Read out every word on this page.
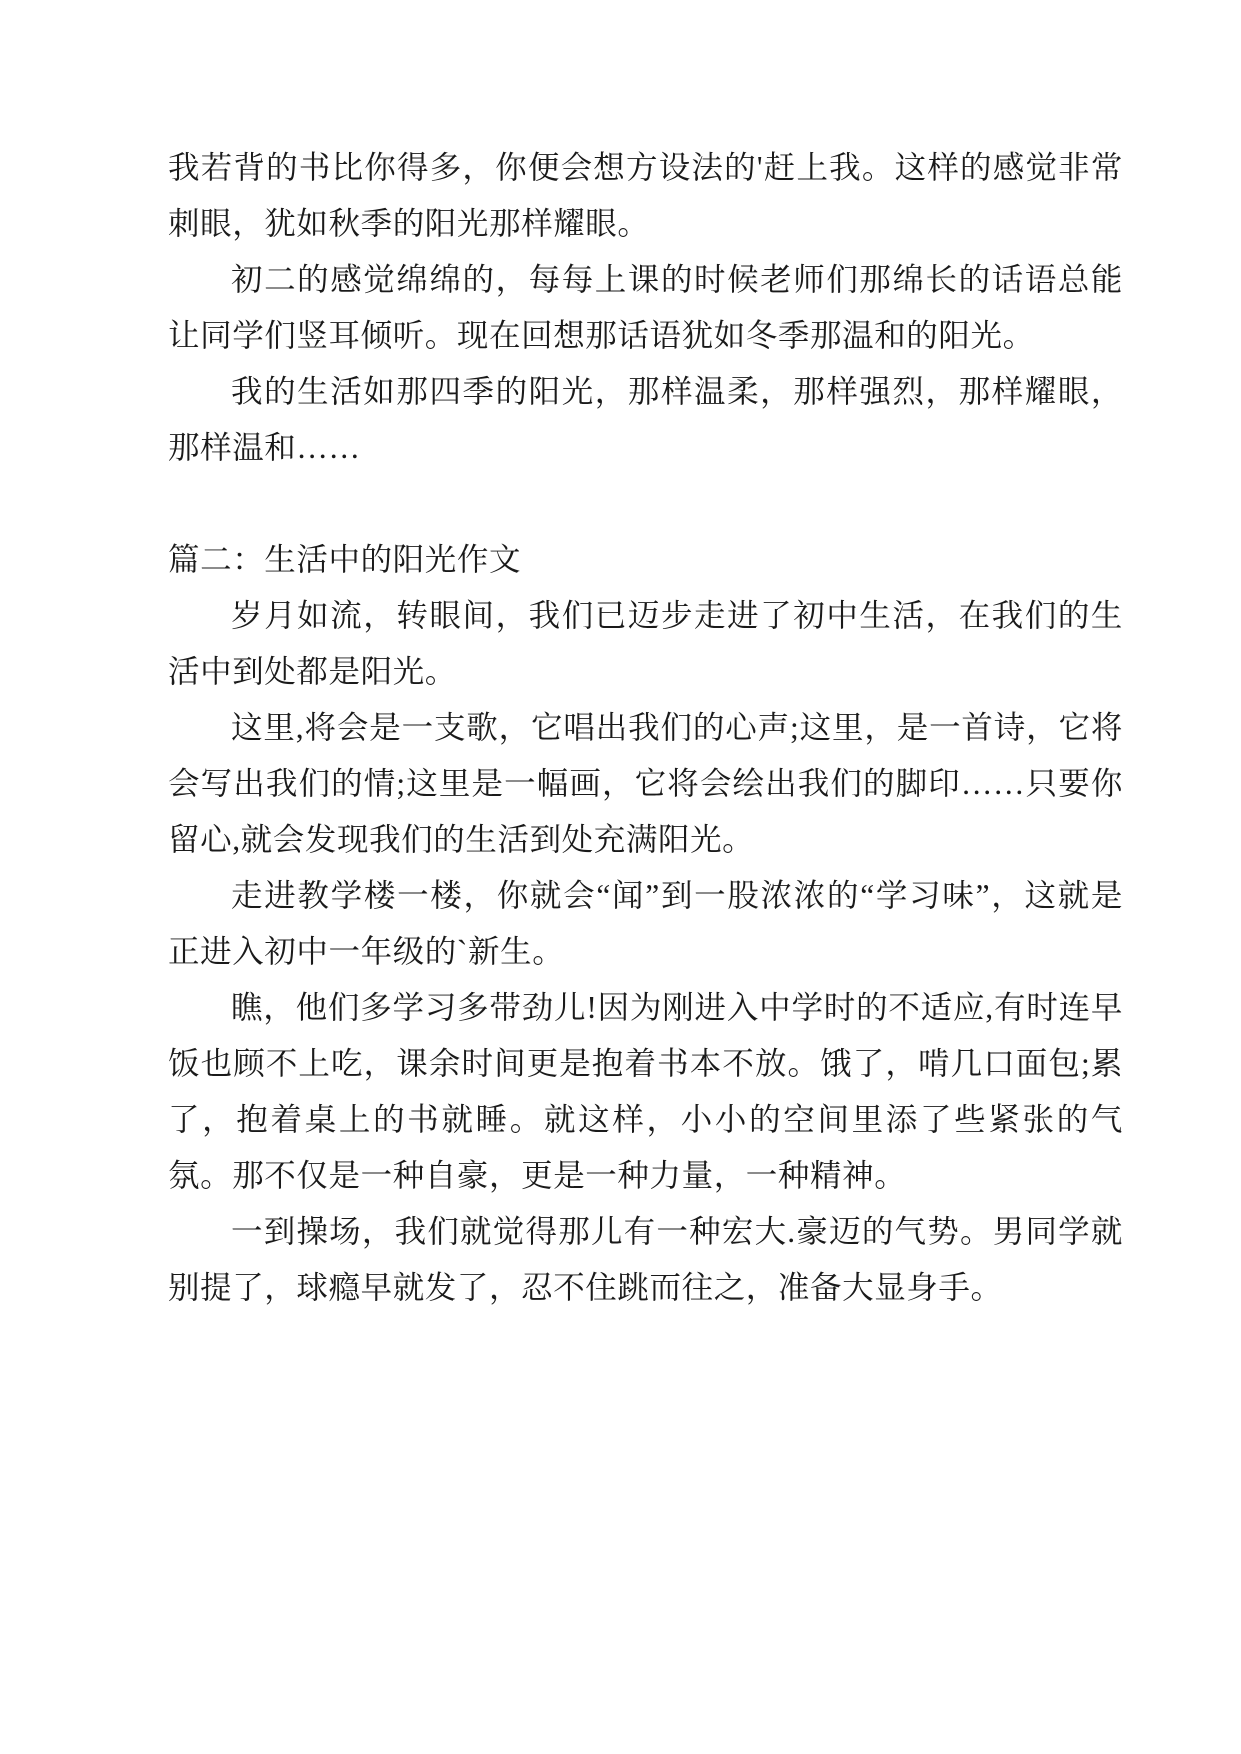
我若背的书比你得多，你便会想方设法的'赶上我。这样的感觉非常刺眼，犹如秋季的阳光那样耀眼。

初二的感觉绵绵的，每每上课的时候老师们那绵长的话语总能让同学们竖耳倾听。现在回想那话语犹如冬季那温和的阳光。

我的生活如那四季的阳光，那样温柔，那样强烈，那样耀眼，那样温和……

篇二：生活中的阳光作文

岁月如流，转眼间，我们已迈步走进了初中生活，在我们的生活中到处都是阳光。

这里,将会是一支歌，它唱出我们的心声;这里，是一首诗，它将会写出我们的情;这里是一幅画，它将会绘出我们的脚印……只要你留心,就会发现我们的生活到处充满阳光。

走进教学楼一楼，你就会“闻”到一股浓浓的“学习味”，这就是正进入初中一年级的`新生。

瞧，他们多学习多带劲儿!因为刚进入中学时的不适应,有时连早饭也顾不上吃，课余时间更是抱着书本不放。饿了，啃几口面包;累了，抱着桌上的书就睡。就这样，小小的空间里添了些紧张的气氛。那不仅是一种自豪，更是一种力量，一种精神。

一到操场，我们就觉得那儿有一种宏大.豪迈的气势。男同学就别提了，球瘾早就发了，忍不住跳而往之，准备大显身手。
